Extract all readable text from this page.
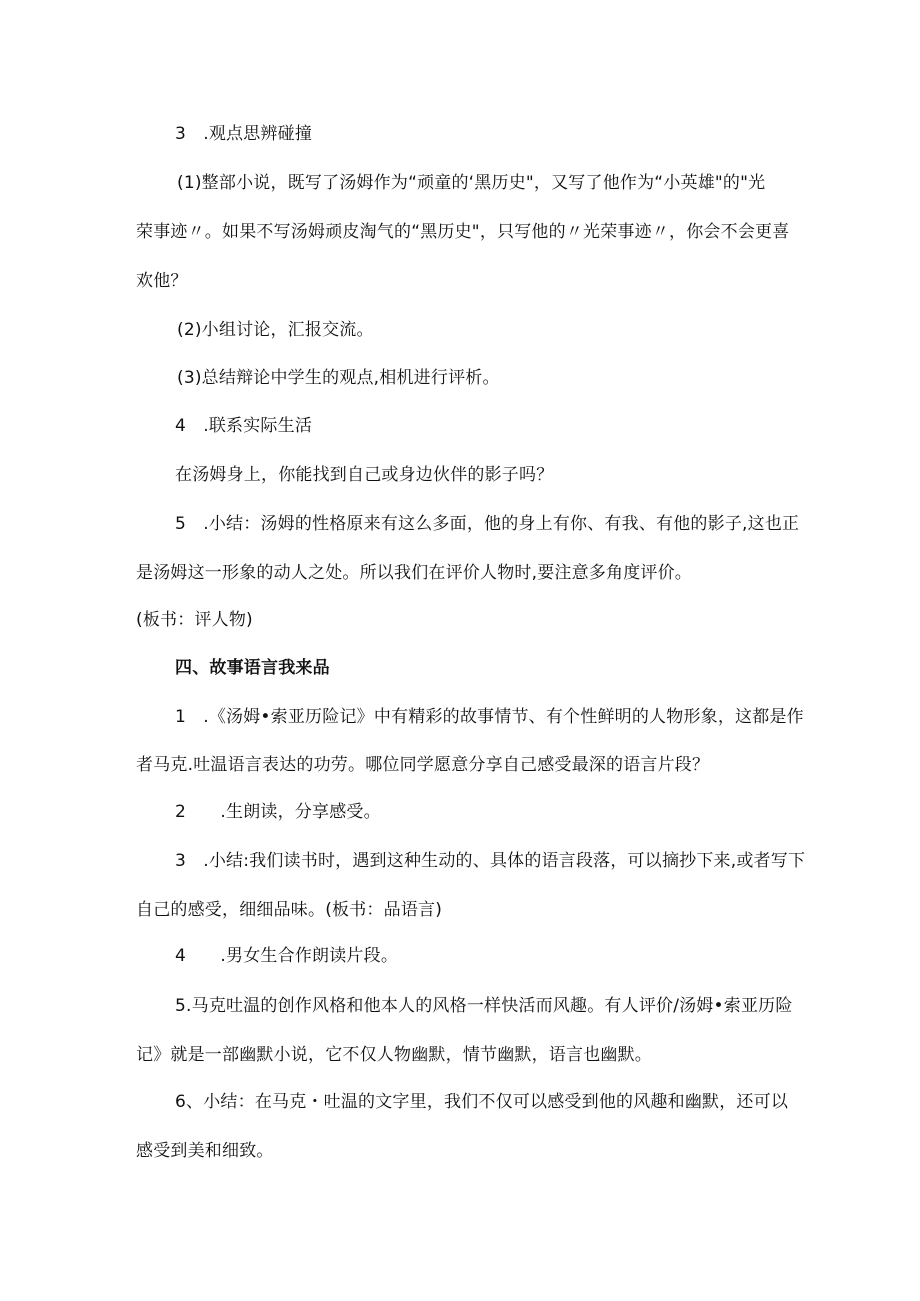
3　.观点思辨碰撞
(1)整部小说，既写了汤姆作为“顽童的‘黑历史"，又写了他作为“小英雄"的"光
荣事迹〃。如果不写汤姆顽皮淘气的“黑历史"，只写他的〃光荣事迹〃，你会不会更喜
欢他？
(2)小组讨论，汇报交流。
(3)总结辩论中学生的观点,相机进行评析。
4　.联系实际生活
在汤姆身上，你能找到自己或身边伙伴的影子吗？
5　.小结：汤姆的性格原来有这么多面，他的身上有你、有我、有他的影子,这也正
是汤姆这一形象的动人之处。所以我们在评价人物时,要注意多角度评价。
(板书：评人物)
四、故事语言我来品
1　.《汤姆•索亚历险记》中有精彩的故事情节、有个性鲜明的人物形象，这都是作
者马克.吐温语言表达的功劳。哪位同学愿意分享自己感受最深的语言片段？
2　　.生朗读，分享感受。
3　.小结:我们读书时，遇到这种生动的、具体的语言段落，可以摘抄下来,或者写下
自己的感受，细细品味。(板书：品语言)
4　　.男女生合作朗读片段。
5.马克吐温的创作风格和他本人的风格一样快活而风趣。有人评价/汤姆•索亚历险
记》就是一部幽默小说，它不仅人物幽默，情节幽默，语言也幽默。
6、小结：在马克・吐温的文字里，我们不仅可以感受到他的风趣和幽默，还可以
感受到美和细致。
